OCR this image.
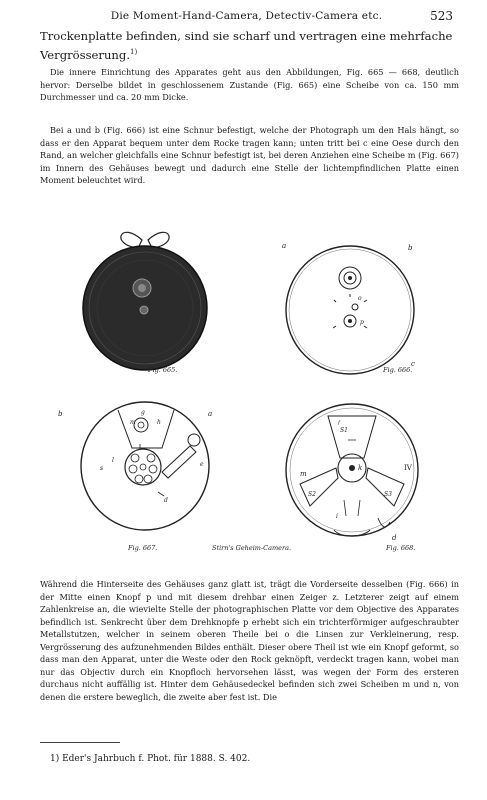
Die Moment-Hand-Camera, Detectiv-Camera etc.	523

Trockenplatte befinden, sind sie scharf und vertragen eine mehrfache Vergrösserung.$^{1)}$

Die innere Einrichtung des Apparates geht aus den Abbildungen, Fig. 665 — 668, deutlich hervor: Derselbe bildet in geschlossenem Zustande (Fig. 665) eine Scheibe von ca. 150 mm Durchmesser und ca. 20 mm Dicke.

Bei a und b (Fig. 666) ist eine Schnur befestigt, welche der Photograph um den Hals hängt, so dass er den Apparat bequem unter dem Rocke tragen kann; unten tritt bei c eine Oese durch den Rand, an welcher gleichfalls eine Schnur befestigt ist, bei deren Anziehen eine Scheibe m (Fig. 667) im Innern des Gehäuses bewegt und dadurch eine Stelle der lichtempfindlichen Platte einen Moment beleuchtet wird.

a	b
c
o
p
b	a
m
g
h
l
s
d
e
m
k
i
d
S1
S2	S3
IV
f
Fig. 665.	Fig. 666.
Fig. 667.	Stirn's Geheim-Camera.	Fig. 668.

Während die Hinterseite des Gehäuses ganz glatt ist, trägt die Vorderseite desselben (Fig. 666) in der Mitte einen Knopf p und mit diesem drehbar einen Zeiger z. Letzterer zeigt auf einem Zahlenkreise an, die wievielte Stelle der photographischen Platte vor dem Objective des Apparates befindlich ist. Senkrecht über dem Drehknopfe p erhebt sich ein trichterförmiger aufgeschraubter Metallstutzen, welcher in seinem oberen Theile bei o die Linsen zur Verkleinerung, resp. Vergrösserung des aufzunehmenden Bildes enthält. Dieser obere Theil ist wie ein Knopf geformt, so dass man den Apparat, unter die Weste oder den Rock geknöpft, verdeckt tragen kann, wobei man nur das Objectiv durch ein Knopfloch hervorsehen lässt, was wegen der Form des ersteren durchaus nicht auffällig ist. Hinter dem Gehäusedeckel befinden sich zwei Scheiben m und n, von denen die erstere beweglich, die zweite aber fest ist. Die

1) Eder's Jahrbuch f. Phot. für 1888. S. 402.
